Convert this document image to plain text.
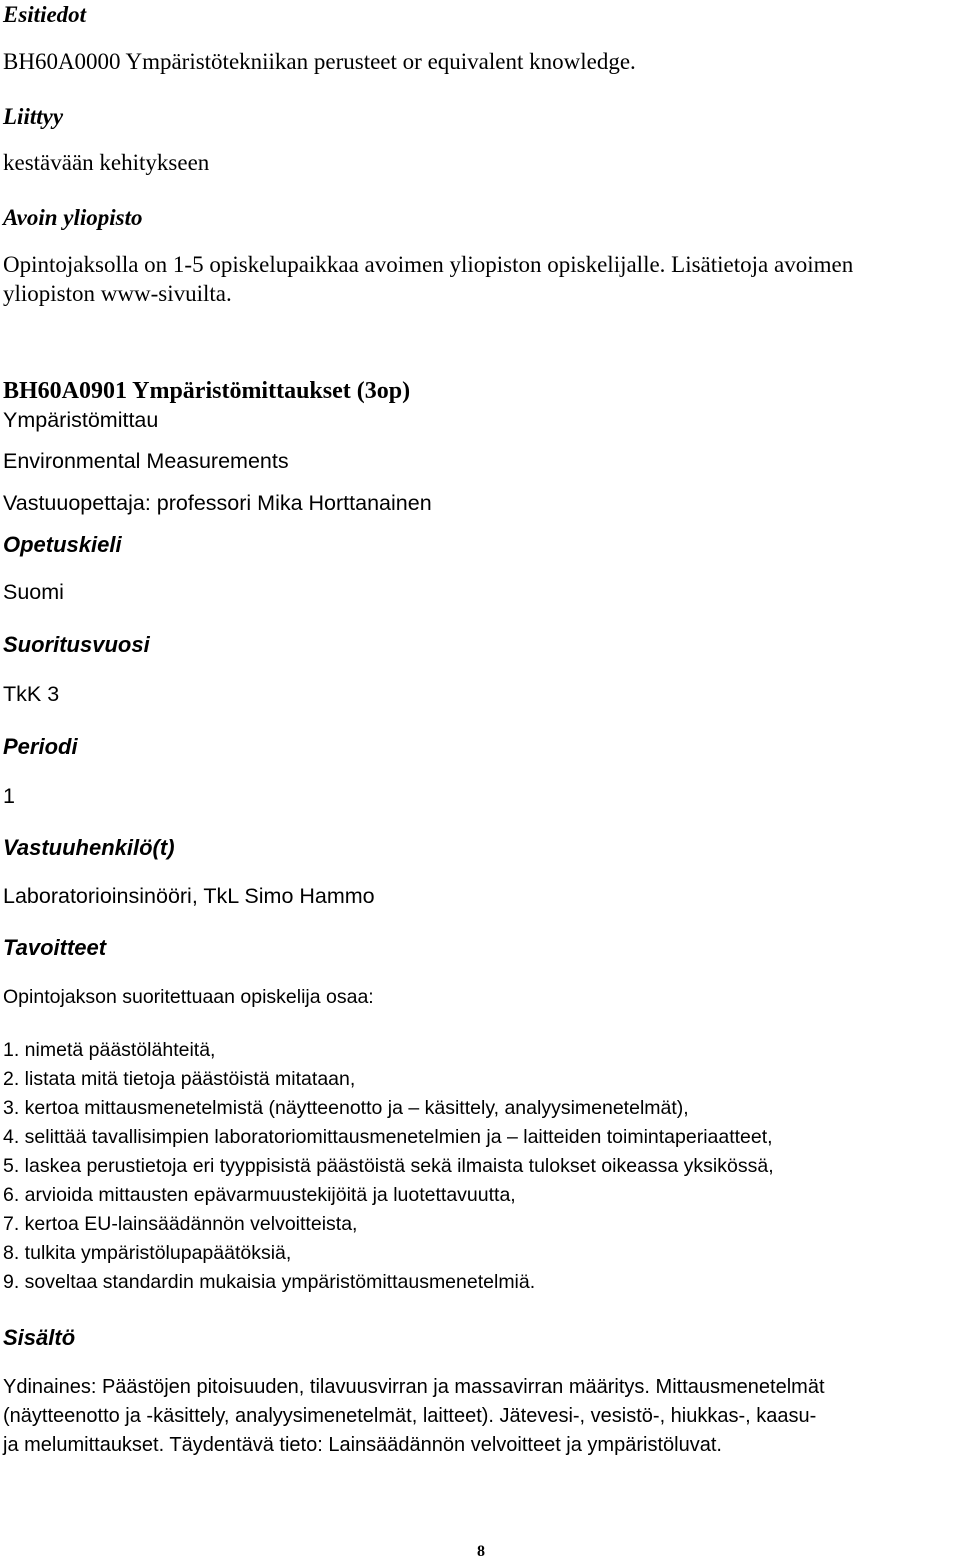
Esitiedot

BH60A0000 Ympäristötekniikan perusteet or equivalent knowledge.

Liittyy

kestävään kehitykseen

Avoin yliopisto

Opintojaksolla on 1-5 opiskelupaikkaa avoimen yliopiston opiskelijalle. Lisätietoja avoimen

yliopiston www-sivuilta.

BH60A0901 Ympäristömittaukset (3op)

Ympäristömittau

Environmental Measurements

Vastuuopettaja: professori Mika Horttanainen

Opetuskieli

Suomi

Suoritusvuosi

TkK 3

Periodi

1

Vastuuhenkilö(t)

Laboratorioinsinööri, TkL Simo Hammo

Tavoitteet

Opintojakson suoritettuaan opiskelija osaa:

1. nimetä päästölähteitä,

2. listata mitä tietoja päästöistä mitataan,

3. kertoa mittausmenetelmistä (näytteenotto ja – käsittely, analyysimenetelmät),

4. selittää tavallisimpien laboratoriomittausmenetelmien ja – laitteiden toimintaperiaatteet,

5. laskea perustietoja eri tyyppisistä päästöistä sekä ilmaista tulokset oikeassa yksikössä,

6. arvioida mittausten epävarmuustekijöitä ja luotettavuutta,

7. kertoa EU-lainsäädännön velvoitteista,

8. tulkita ympäristölupapäätöksiä,

9. soveltaa standardin mukaisia ympäristömittausmenetelmiä.

Sisältö

Ydinaines: Päästöjen pitoisuuden, tilavuusvirran ja massavirran määritys. Mittausmenetelmät

(näytteenotto ja -käsittely, analyysimenetelmät, laitteet). Jätevesi-, vesistö-, hiukkas-, kaasu-

ja melumittaukset. Täydentävä tieto: Lainsäädännön velvoitteet ja ympäristöluvat.

8
